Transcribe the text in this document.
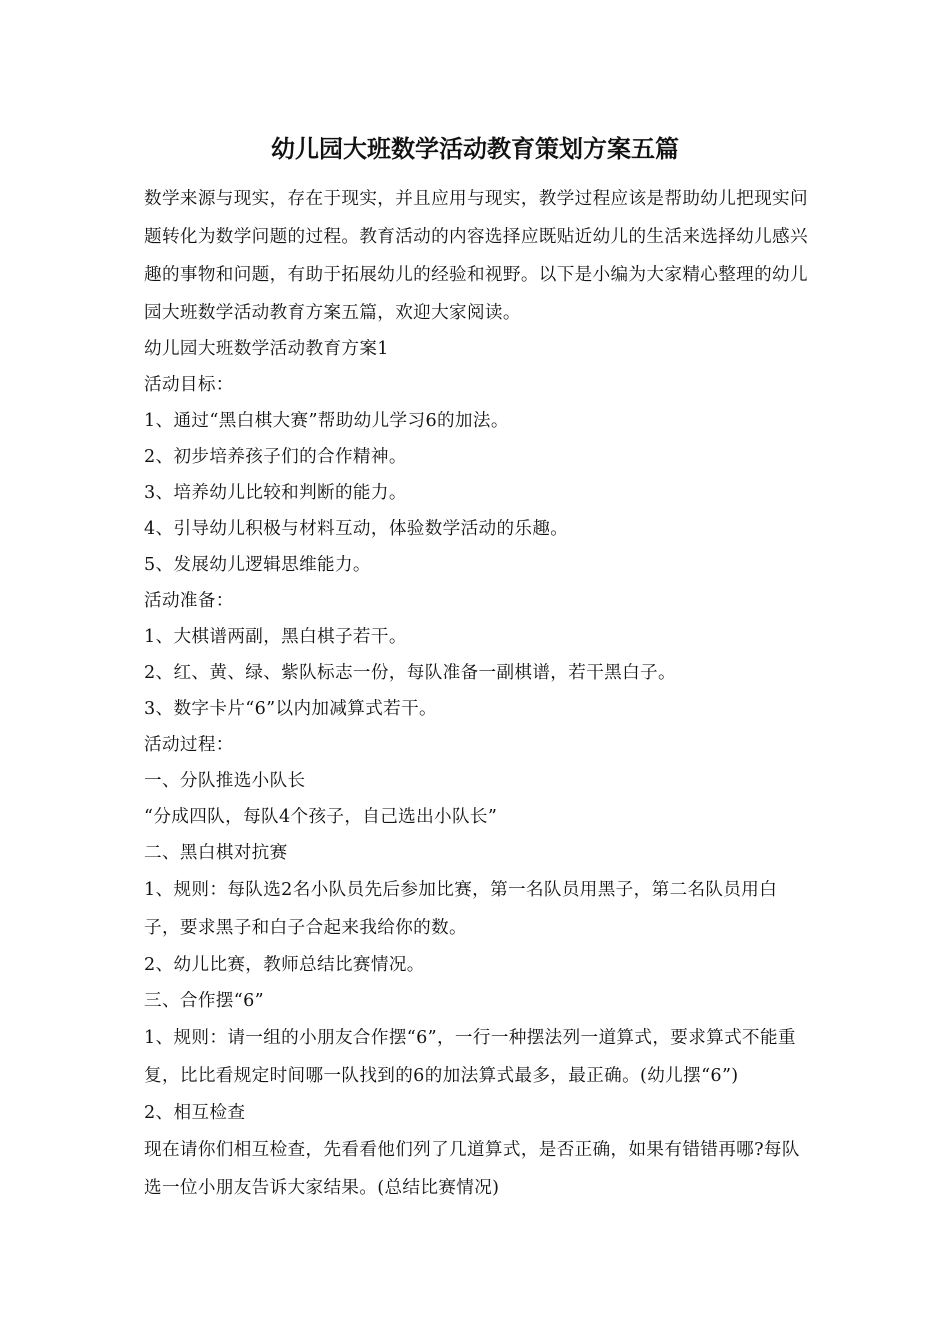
幼儿园大班数学活动教育策划方案五篇

数学来源与现实，存在于现实，并且应用与现实，教学过程应该是帮助幼儿把现实问题转化为数学问题的过程。教育活动的内容选择应既贴近幼儿的生活来选择幼儿感兴趣的事物和问题，有助于拓展幼儿的经验和视野。以下是小编为大家精心整理的幼儿园大班数学活动教育方案五篇，欢迎大家阅读。

幼儿园大班数学活动教育方案1

活动目标：

1、通过“黑白棋大赛”帮助幼儿学习6的加法。

2、初步培养孩子们的合作精神。

3、培养幼儿比较和判断的能力。

4、引导幼儿积极与材料互动，体验数学活动的乐趣。

5、发展幼儿逻辑思维能力。

活动准备：

1、大棋谱两副，黑白棋子若干。

2、红、黄、绿、紫队标志一份，每队准备一副棋谱，若干黑白子。

3、数字卡片“6”以内加减算式若干。

活动过程：

一、分队推选小队长

“分成四队，每队4个孩子，自己选出小队长”

二、黑白棋对抗赛

1、规则：每队选2名小队员先后参加比赛，第一名队员用黑子，第二名队员用白子，要求黑子和白子合起来我给你的数。

2、幼儿比赛，教师总结比赛情况。

三、合作摆“6”

1、规则：请一组的小朋友合作摆“6”，一行一种摆法列一道算式，要求算式不能重复，比比看规定时间哪一队找到的6的加法算式最多，最正确。(幼儿摆“6”)

2、相互检查

现在请你们相互检查，先看看他们列了几道算式，是否正确，如果有错错再哪?每队选一位小朋友告诉大家结果。(总结比赛情况)
